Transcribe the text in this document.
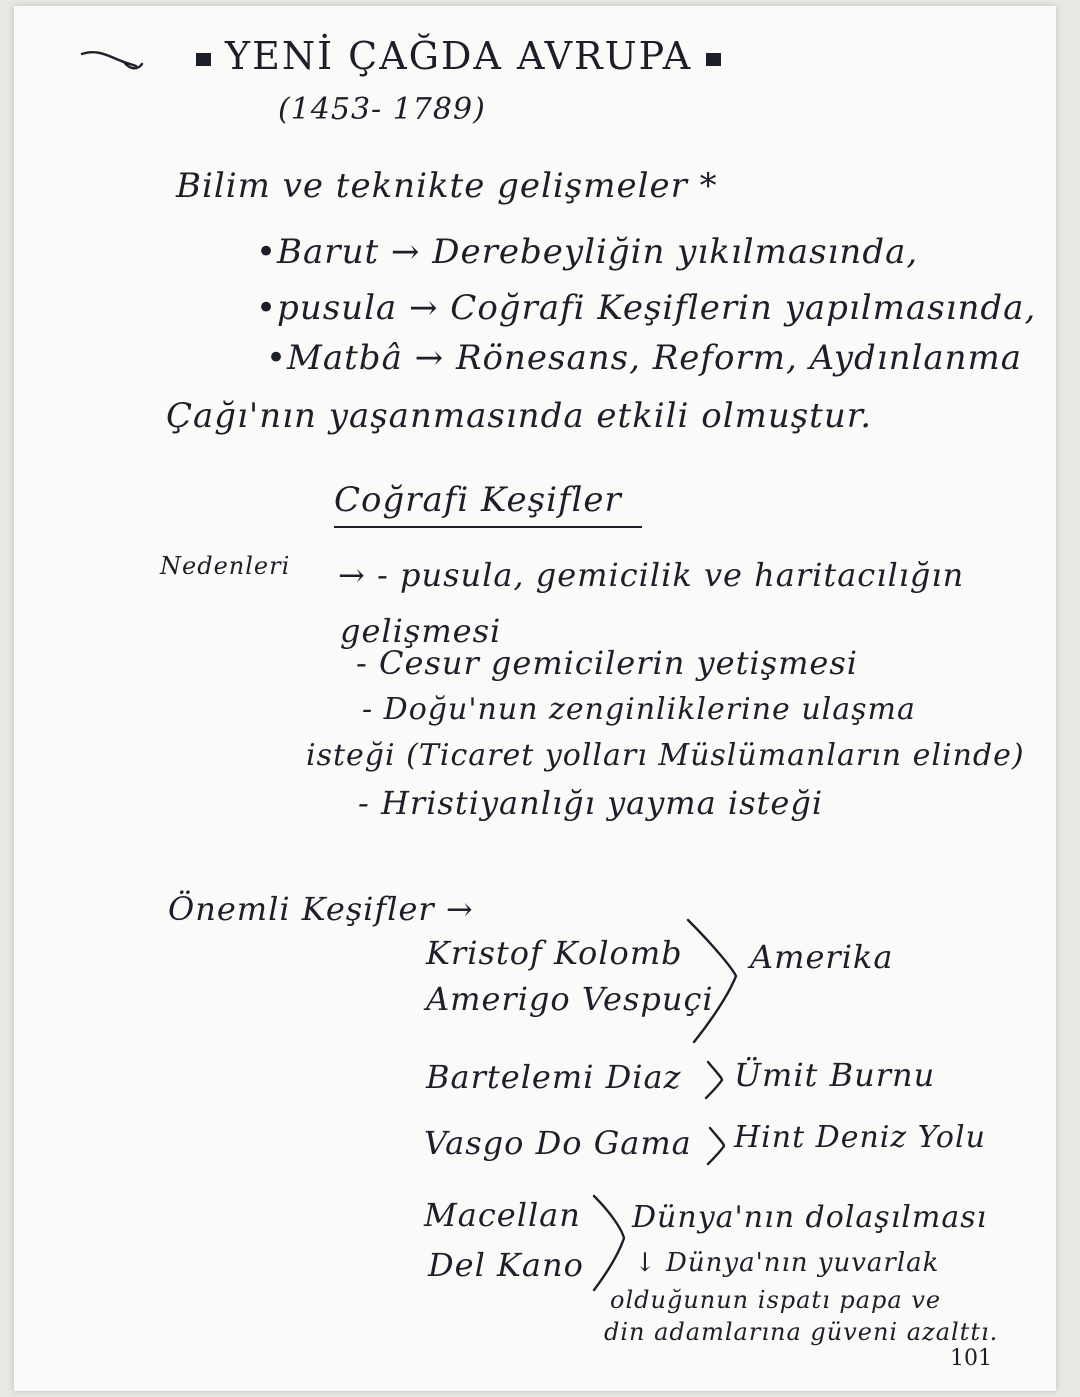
YENİ ÇAĞDA AVRUPA
(1453- 1789)
Bilim ve teknikte gelişmeler *
•Barut → Derebeyliğin yıkılmasında,
•pusula → Coğrafi Keşiflerin yapılmasında,
•Matbâ → Rönesans, Reform, Aydınlanma
Çağı'nın yaşanmasında etkili olmuştur.
Coğrafi Keşifler
Nedenleri → - pusula, gemicilik ve haritacılığın
gelişmesi
- Cesur gemicilerin yetişmesi
- Doğu'nun zenginliklerine ulaşma
isteği (Ticaret yolları Müslümanların elinde)
- Hristiyanlığı yayma isteği
Önemli Keşifler →
Kristof Kolomb
Amerigo Vespuçi
Amerika
Bartelemi Diaz Ümit Burnu
Vasgo Do Gama Hint Deniz Yolu
Macellan
Del Kano
Dünya'nın dolaşılması
↓ Dünya'nın yuvarlak
olduğunun ispatı papa ve
din adamlarına güveni azalttı.
101
